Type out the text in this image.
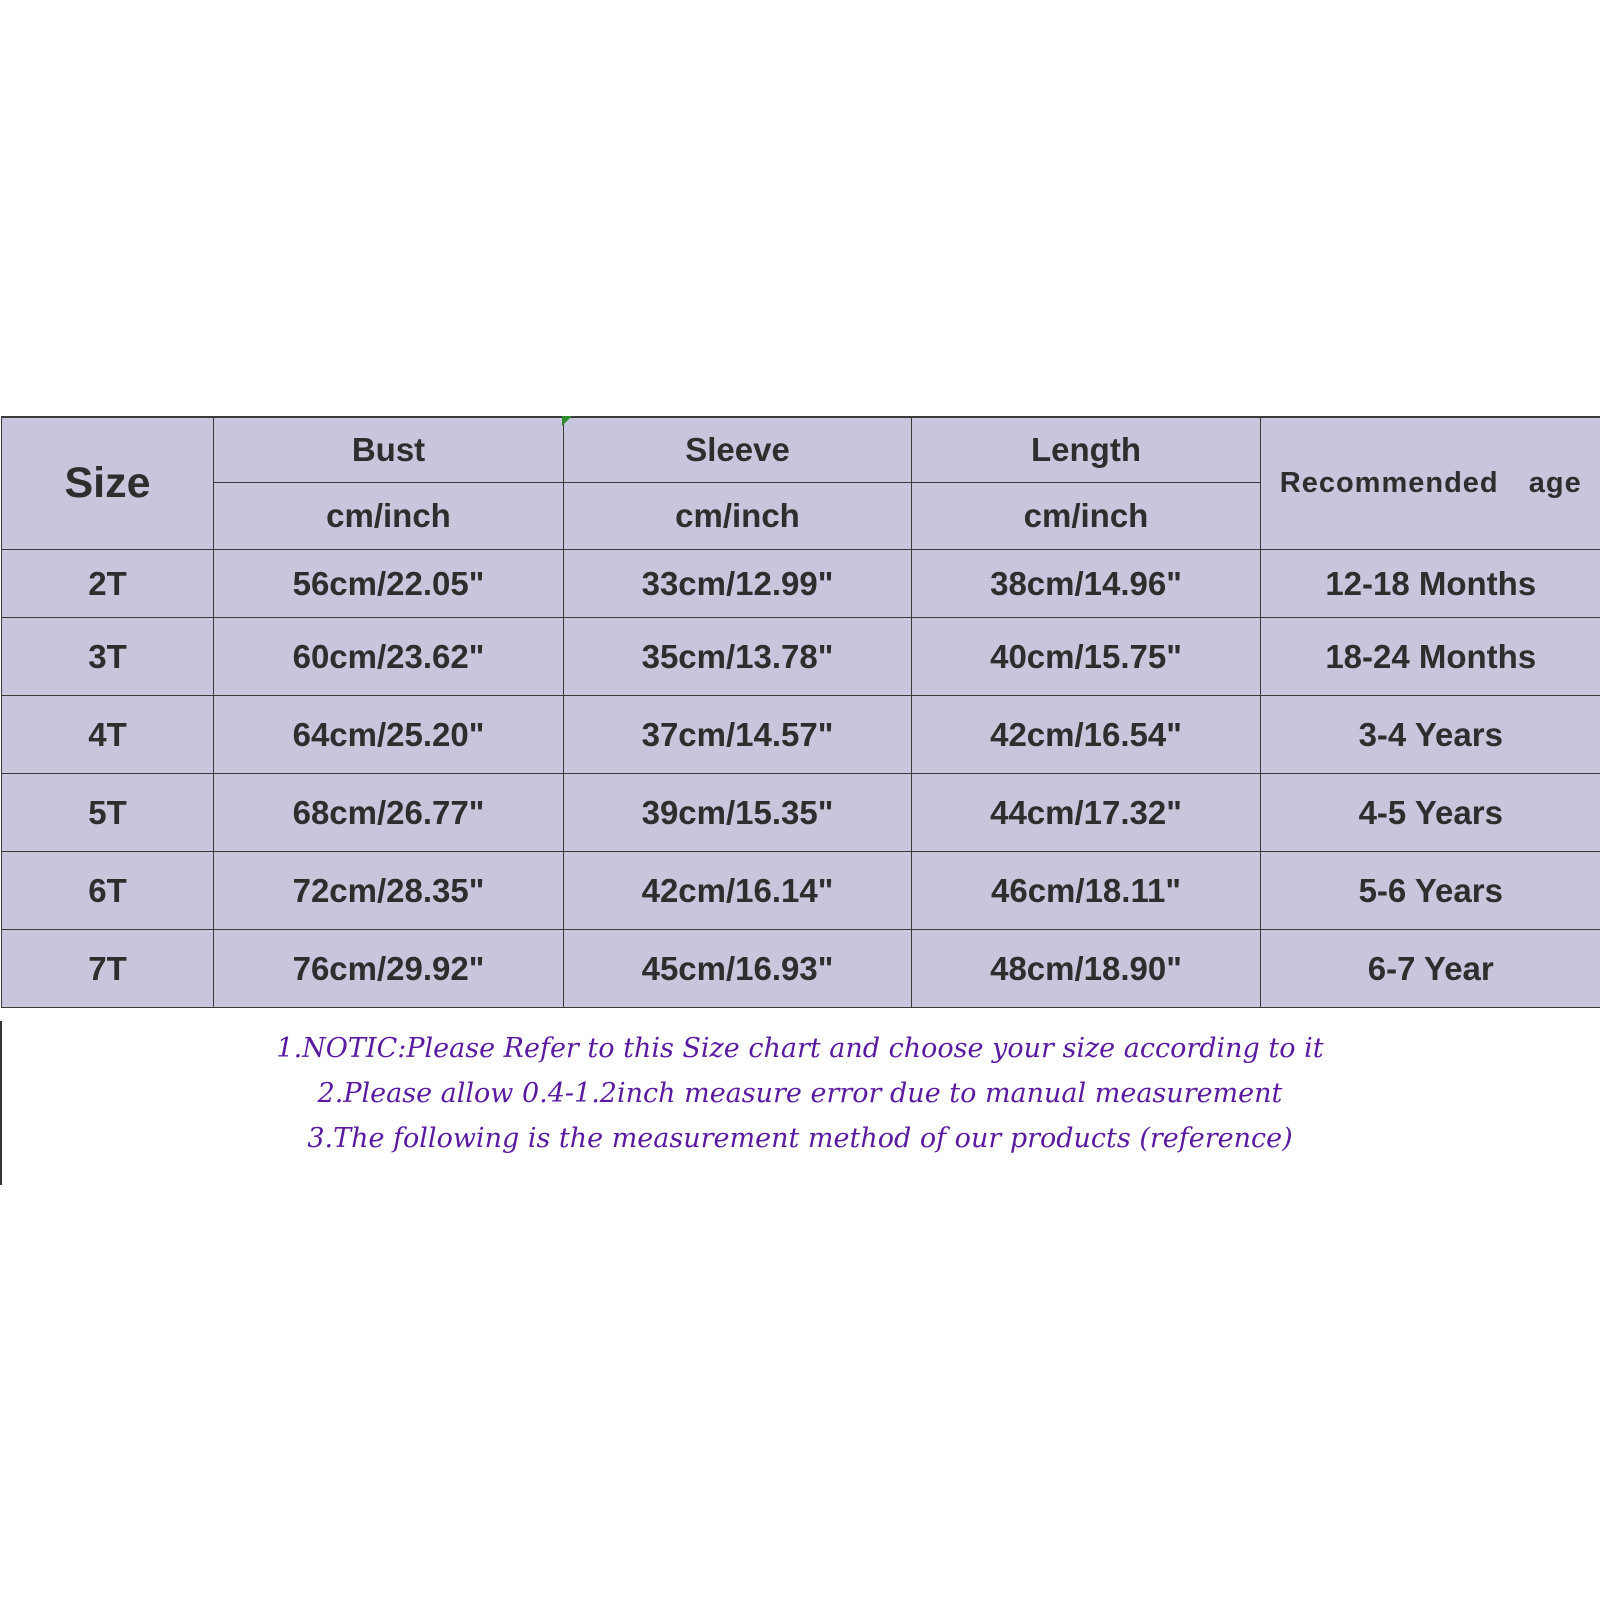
Size	Bust	Sleeve	Length	Recommended  age
	cm/inch	cm/inch	cm/inch	
2T	56cm/22.05"	33cm/12.99"	38cm/14.96"	12-18 Months
3T	60cm/23.62"	35cm/13.78"	40cm/15.75"	18-24 Months
4T	64cm/25.20"	37cm/14.57"	42cm/16.54"	3-4 Years
5T	68cm/26.77"	39cm/15.35"	44cm/17.32"	4-5 Years
6T	72cm/28.35"	42cm/16.14"	46cm/18.11"	5-6 Years
7T	76cm/29.92"	45cm/16.93"	48cm/18.90"	6-7 Year
1.NOTIC:Please Refer to this Size chart and choose your size according to it
2.Please allow 0.4-1.2inch measure error due to manual measurement
3.The following is the measurement method of our products (reference)
